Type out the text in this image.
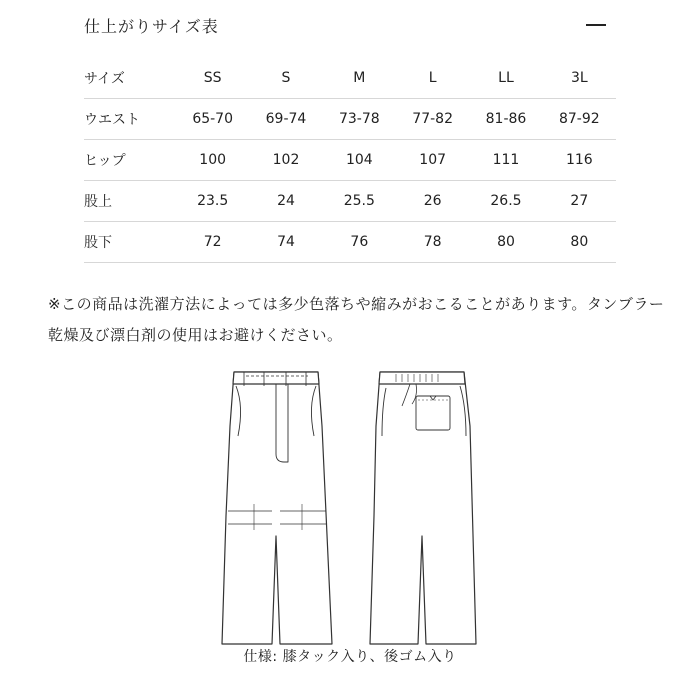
仕上がりサイズ表
サイズ	SS	S	M	L	LL	3L
ウエスト	65-70	69-74	73-78	77-82	81-86	87-92
ヒップ	100	102	104	107	111	116
股上	23.5	24	25.5	26	26.5	27
股下	72	74	76	78	80	80
※この商品は洗濯方法によっては多少色落ちや縮みがおこることがあります。タンブラー乾燥及び漂白剤の使用はお避けください。
仕様: 膝タック入り、後ゴム入り
